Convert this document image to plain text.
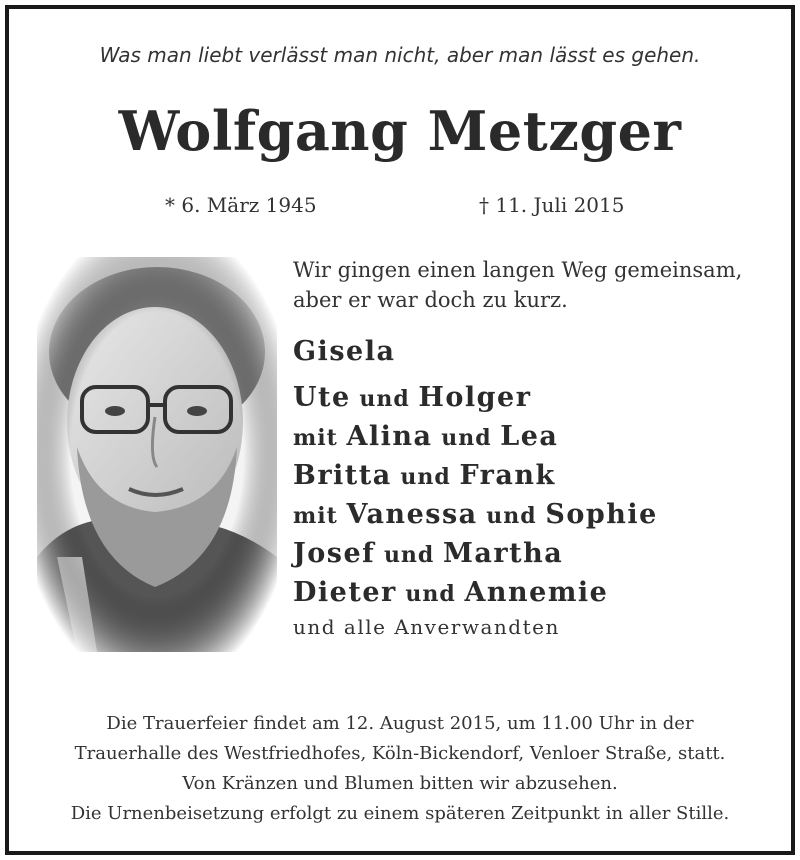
Was man liebt verlässt man nicht, aber man lässt es gehen.
Wolfgang Metzger
* 6. März 1945	† 11. Juli 2015
Wir gingen einen langen Weg gemeinsam,
aber er war doch zu kurz.
Gisela
Ute und Holger
mit Alina und Lea
Britta und Frank
mit Vanessa und Sophie
Josef und Martha
Dieter und Annemie
und alle Anverwandten
Die Trauerfeier findet am 12. August 2015, um 11.00 Uhr in der
Trauerhalle des Westfriedhofes, Köln-Bickendorf, Venloer Straße, statt.
Von Kränzen und Blumen bitten wir abzusehen.
Die Urnenbeisetzung erfolgt zu einem späteren Zeitpunkt in aller Stille.
